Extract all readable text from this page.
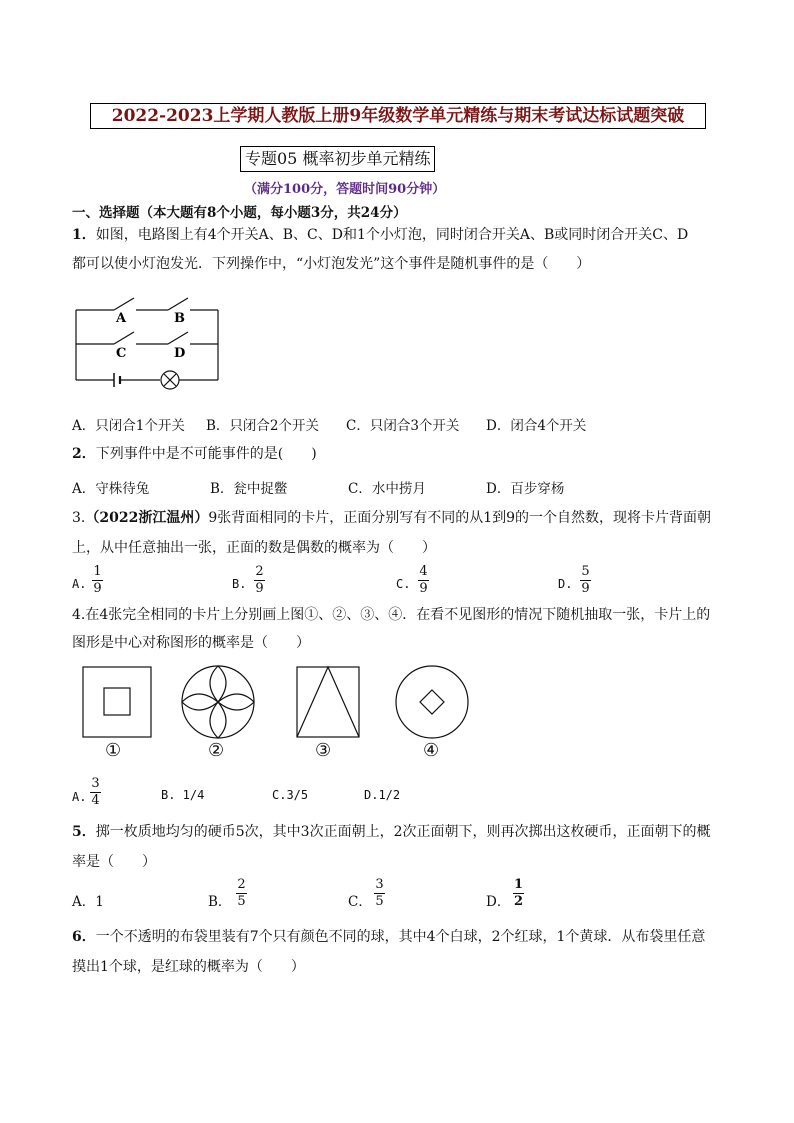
2022-2023上学期人教版上册9年级数学单元精练与期末考试达标试题突破
专题05 概率初步单元精练
（满分100分，答题时间90分钟）
一、选择题（本大题有8个小题，每小题3分，共24分）
1．如图，电路图上有4个开关A、B、C、D和1个小灯泡，同时闭合开关A、B或同时闭合开关C、D
都可以使小灯泡发光．下列操作中，“小灯泡发光”这个事件是随机事件的是（　　）
A	B
C	D
A．只闭合1个开关 B．只闭合2个开关 C．只闭合3个开关 D．闭合4个开关
2．下列事件中是不可能事件的是(　　)
A．守株待兔	B．瓮中捉鳖	C．水中捞月	D．百步穿杨
3.（2022浙江温州）9张背面相同的卡片，正面分别写有不同的从1到9的一个自然数，现将卡片背面朝
上，从中任意抽出一张，正面的数是偶数的概率为（　　）
A.
1
9	B.
2
9	C.
4
9	D.
5
9
4.在4张完全相同的卡片上分别画上图①、②、③、④．在看不见图形的情况下随机抽取一张，卡片上的
图形是中心对称图形的概率是（　　）
①	②	③	④
A.
3
4	B. 1/4	C.3/5	D.1/2
5．掷一枚质地均匀的硬币5次，其中3次正面朝上，2次正面朝下，则再次掷出这枚硬币，正面朝下的概
率是（　　）
A．1	B．
2
5	C．
3
5	D．
1
2
6．一个不透明的布袋里装有7个只有颜色不同的球，其中4个白球，2个红球，1个黄球．从布袋里任意
摸出1个球，是红球的概率为（　　）
